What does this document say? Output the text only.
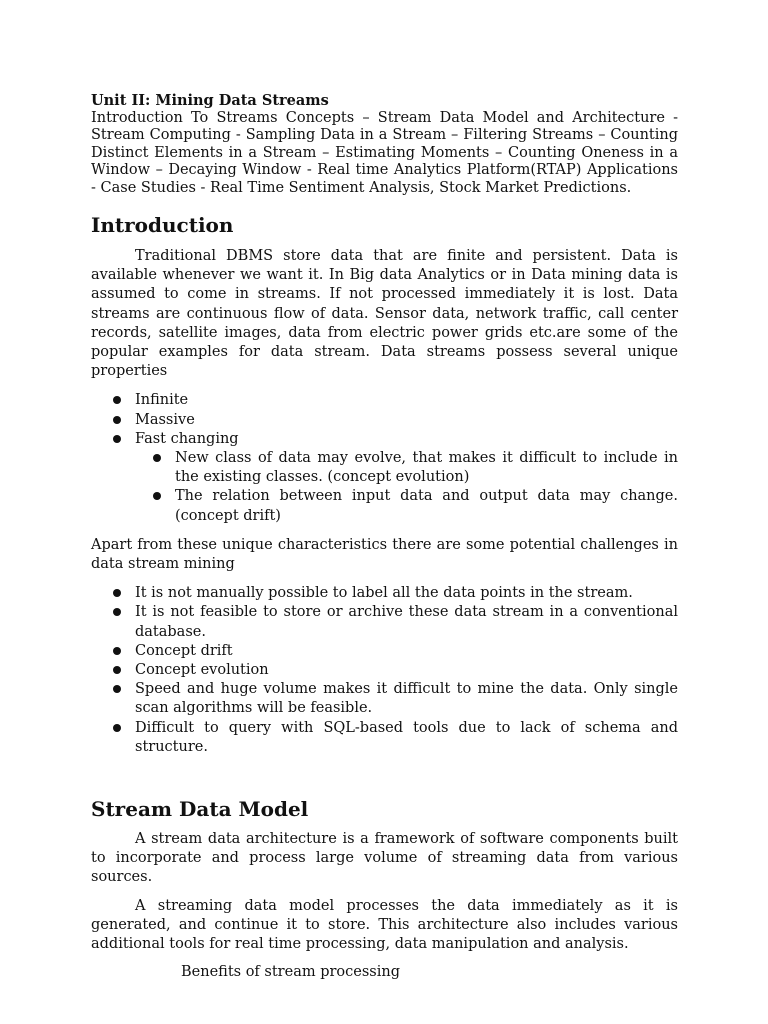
Unit II: Mining Data Streams

Introduction To Streams Concepts – Stream Data Model and Architecture - Stream Computing - Sampling Data in a Stream – Filtering Streams – Counting Distinct Elements in a Stream – Estimating Moments – Counting Oneness in a Window – Decaying Window - Real time Analytics Platform(RTAP) Applications - Case Studies - Real Time Sentiment Analysis, Stock Market Predictions.

Introduction

Traditional DBMS store data that are finite and persistent. Data is available whenever we want it. In Big data Analytics or in Data mining data is assumed to come in streams. If not processed immediately it is lost. Data streams are continuous flow of data. Sensor data, network traffic, call center records, satellite images, data from electric power grids etc.are some of the popular examples for data stream. Data streams possess several unique properties

Infinite
Massive
Fast changing
New class of data may evolve, that makes it difficult to include in the existing classes. (concept evolution)
The relation between input data and output data may change. (concept drift)

Apart from these unique characteristics there are some potential challenges in data stream mining

It is not manually possible to label all the data points in the stream.
It is not feasible to store or archive these data stream in a conventional database.
Concept drift
Concept evolution
Speed and huge volume makes it difficult to mine the data. Only single scan algorithms will be feasible.
Difficult to query with SQL-based tools due to lack of schema and structure.
Stream Data Model

A stream data architecture is a framework of software components built to incorporate and process large volume of streaming data from various sources.

A streaming data model processes the data immediately as it is generated, and continue it to store. This architecture also includes various additional tools for real time processing, data manipulation and analysis.

Benefits of stream processing
